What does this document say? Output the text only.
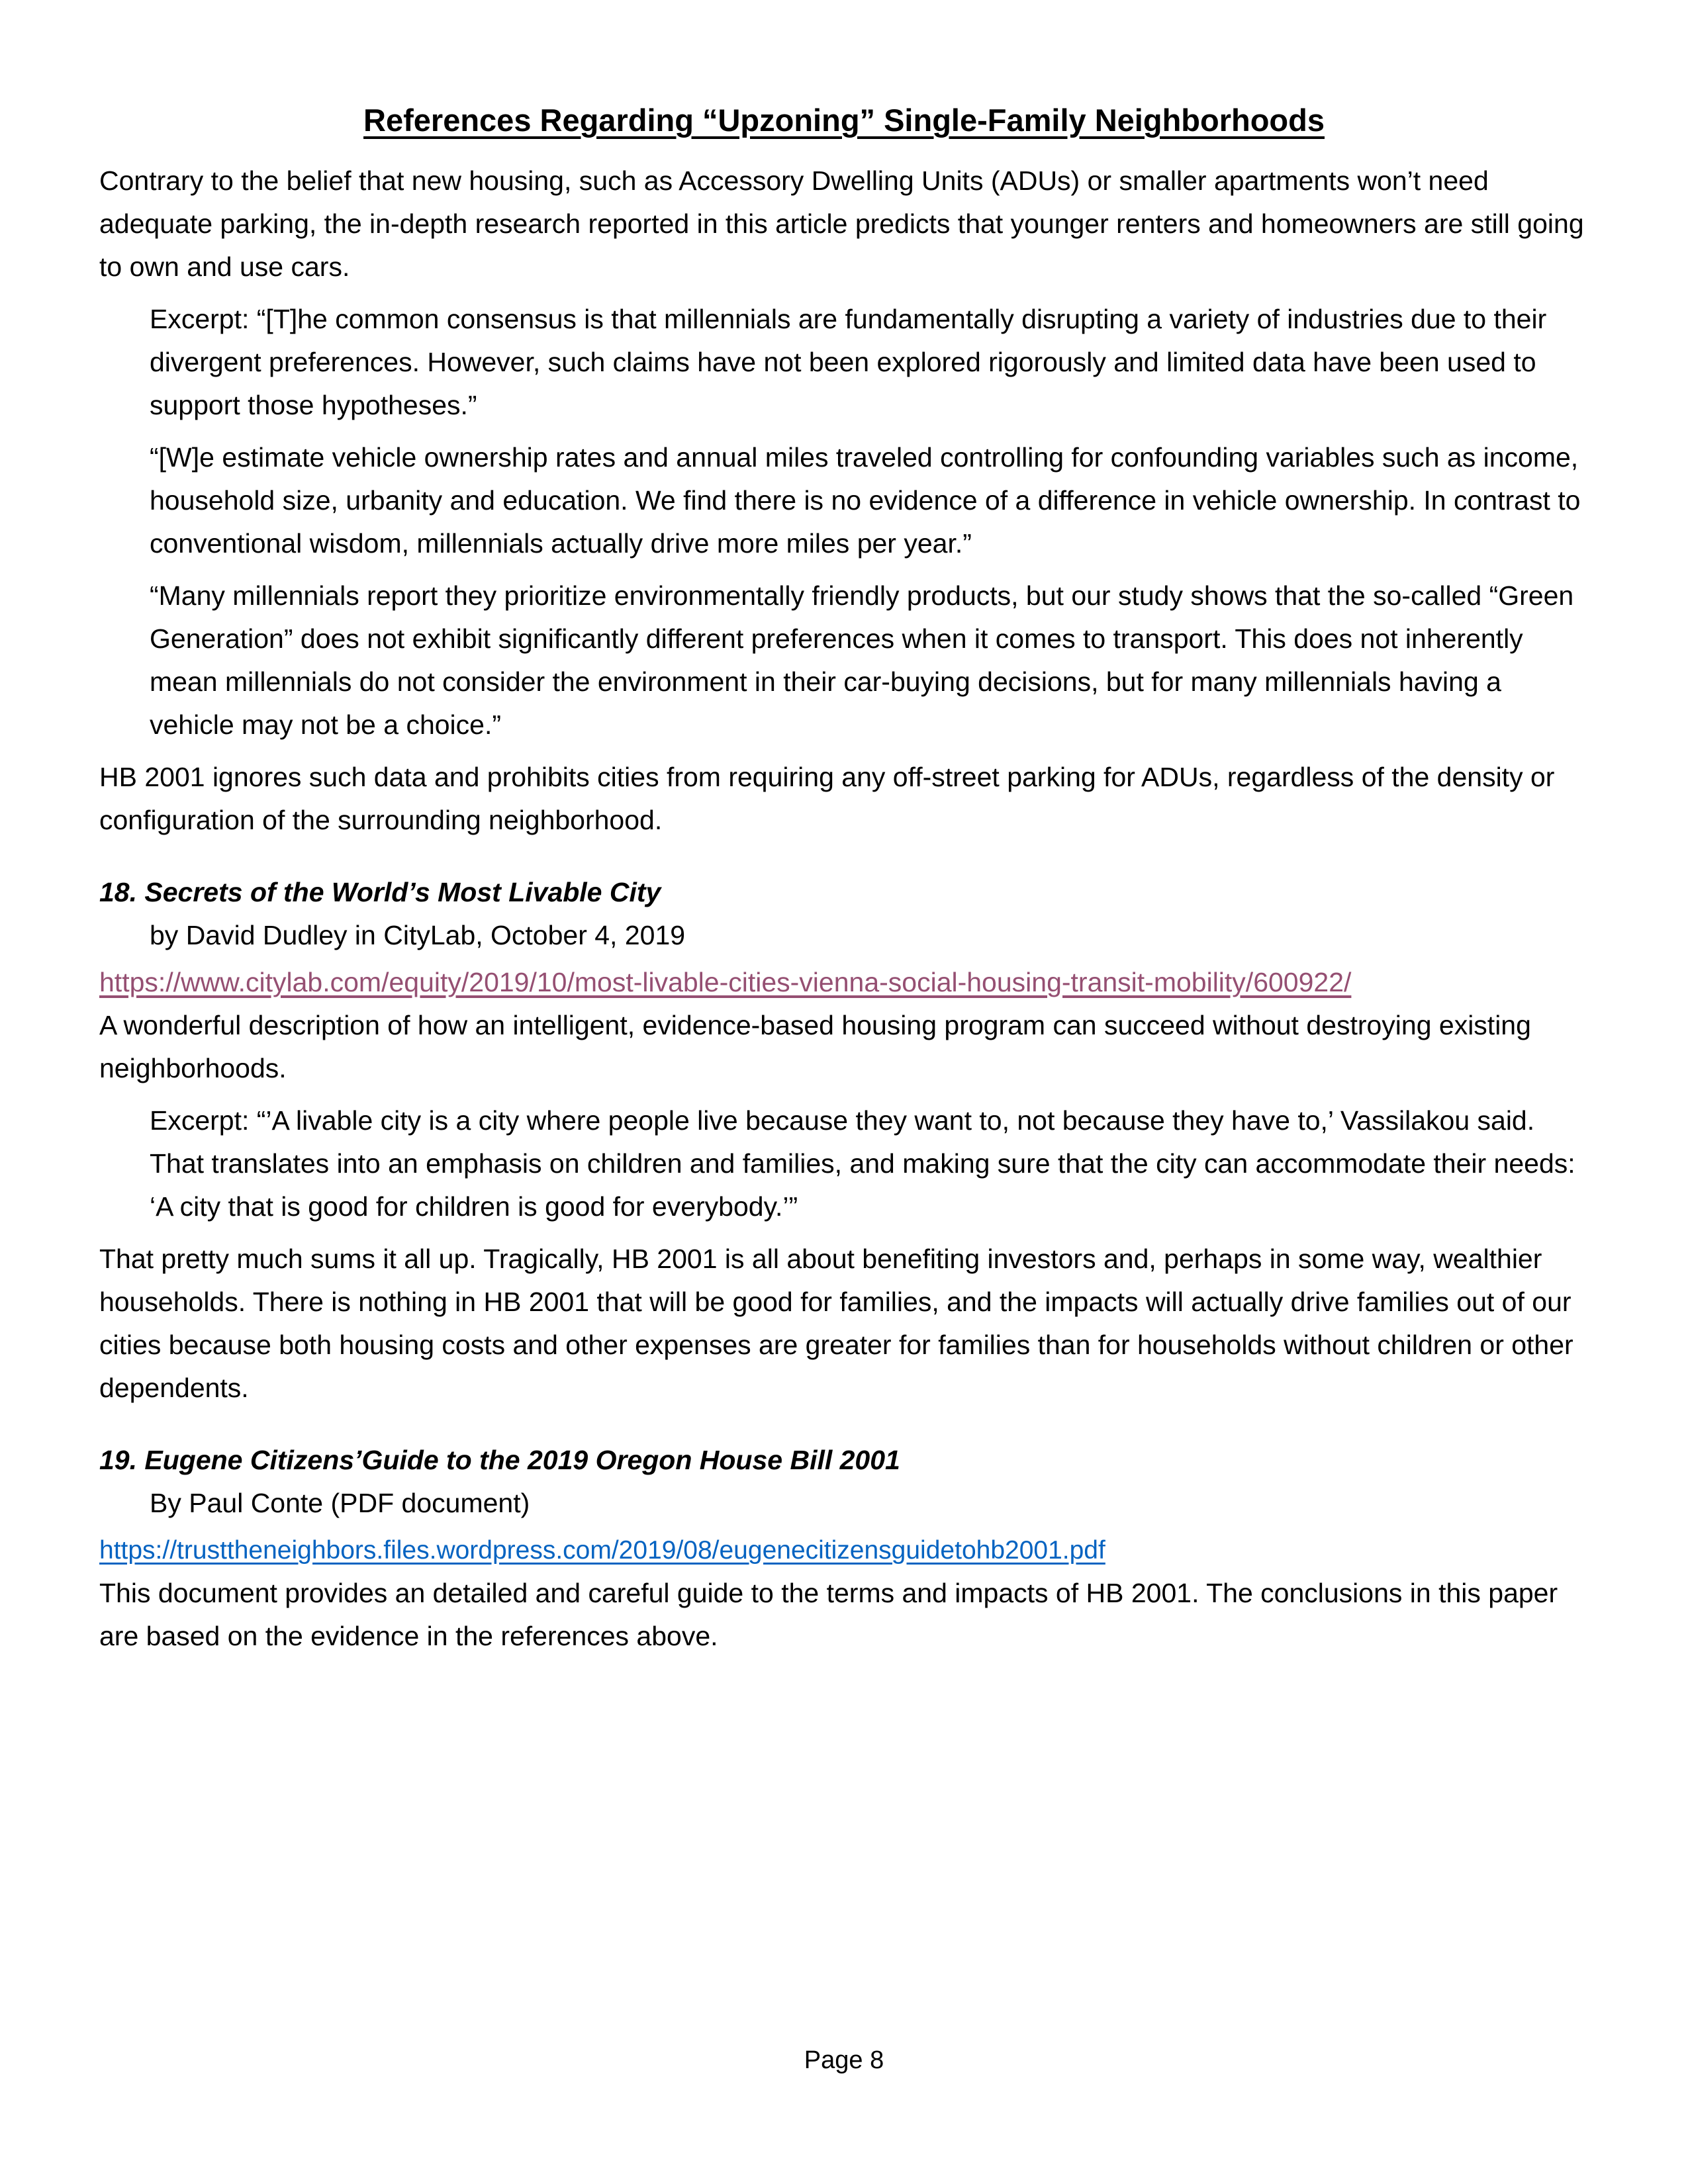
References Regarding “Upzoning” Single-Family Neighborhoods

Contrary to the belief that new housing, such as Accessory Dwelling Units (ADUs) or smaller apartments won’t need adequate parking, the in-depth research reported in this article predicts that younger renters and homeowners are still going to own and use cars.

Excerpt: “[T]he common consensus is that millennials are fundamentally disrupting a variety of industries due to their divergent preferences. However, such claims have not been explored rigorously and limited data have been used to support those hypotheses.”

“[W]e estimate vehicle ownership rates and annual miles traveled controlling for confounding variables such as income, household size, urbanity and education. We find there is no evidence of a difference in vehicle ownership. In contrast to conventional wisdom, millennials actually drive more miles per year.”

“Many millennials report they prioritize environmentally friendly products, but our study shows that the so-called “Green Generation” does not exhibit significantly different preferences when it comes to transport. This does not inherently mean millennials do not consider the environment in their car-buying decisions, but for many millennials having a vehicle may not be a choice.”

HB 2001 ignores such data and prohibits cities from requiring any off-street parking for ADUs, regardless of the density or configuration of the surrounding neighborhood.

18. Secrets of the World’s Most Livable City

by David Dudley in CityLab, October 4, 2019

https://www.citylab.com/equity/2019/10/most-livable-cities-vienna-social-housing-transit-mobility/600922/

A wonderful description of how an intelligent, evidence-based housing program can succeed without destroying existing neighborhoods.

Excerpt: “’A livable city is a city where people live because they want to, not because they have to,’ Vassilakou said. That translates into an emphasis on children and families, and making sure that the city can accommodate their needs: ‘A city that is good for children is good for everybody.’”

That pretty much sums it all up. Tragically, HB 2001 is all about benefiting investors and, perhaps in some way, wealthier households. There is nothing in HB 2001 that will be good for families, and the impacts will actually drive families out of our cities because both housing costs and other expenses are greater for families than for households without children or other dependents.

19. Eugene Citizens’Guide to the 2019 Oregon House Bill 2001

By Paul Conte (PDF document)

https://trusttheneighbors.files.wordpress.com/2019/08/eugenecitizensguidetohb2001.pdf

This document provides an detailed and careful guide to the terms and impacts of HB 2001. The conclusions in this paper are based on the evidence in the references above.

Page 8
